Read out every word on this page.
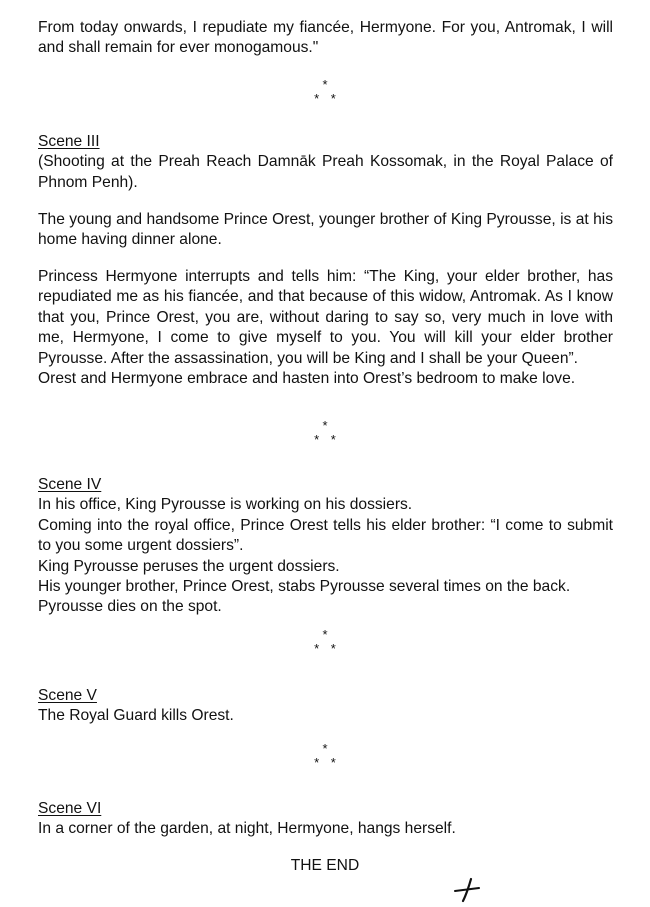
From today onwards, I repudiate my fiancée, Hermyone. For you, Antromak, I will and shall remain for ever monogamous."

*
* *

Scene III

(Shooting at the Preah Reach Damnāk Preah Kossomak, in the Royal Palace of Phnom Penh).

The young and handsome Prince Orest, younger brother of King Pyrousse, is at his home having dinner alone.

Princess Hermyone interrupts and tells him: “The King, your elder brother, has repudiated me as his fiancée, and that because of this widow, Antromak. As I know that you, Prince Orest, you are, without daring to say so, very much in love with me, Hermyone, I come to give myself to you. You will kill your elder brother Pyrousse. After the assassination, you will be King and I shall be your Queen”.

Orest and Hermyone embrace and hasten into Orest’s bedroom to make love.

*
* *

Scene IV

In his office, King Pyrousse is working on his dossiers.

Coming into the royal office, Prince Orest tells his elder brother: “I come to submit to you some urgent dossiers”.

King Pyrousse peruses the urgent dossiers.

His younger brother, Prince Orest, stabs Pyrousse several times on the back.

Pyrousse dies on the spot.

*
* *

Scene V

The Royal Guard kills Orest.

*
* *

Scene VI

In a corner of the garden, at night, Hermyone, hangs herself.

THE END
